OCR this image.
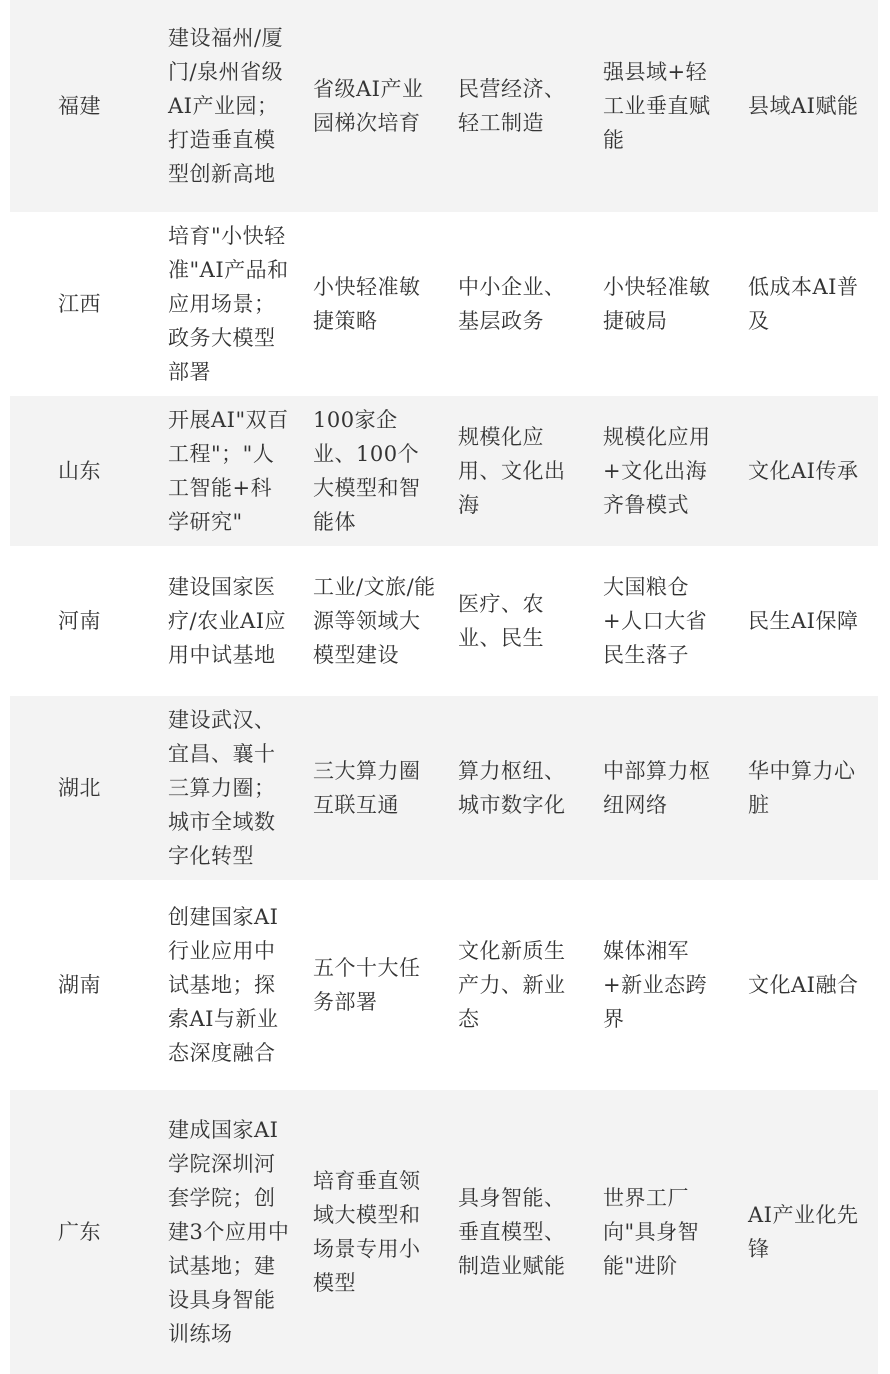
福建	建设福州/厦门/泉州省级AI产业园；打造垂直模型创新高地	省级AI产业园梯次培育	民营经济、轻工制造	强县域+轻工业垂直赋能	县域AI赋能
江西	培育"小快轻准"AI产品和应用场景；政务大模型部署	小快轻准敏捷策略	中小企业、基层政务	小快轻准敏捷破局	低成本AI普及
山东	开展AI"双百工程"；"人工智能+科学研究"	100家企业、100个大模型和智能体	规模化应用、文化出海	规模化应用+文化出海齐鲁模式	文化AI传承
河南	建设国家医疗/农业AI应用中试基地	工业/文旅/能源等领域大模型建设	医疗、农业、民生	大国粮仓+人口大省民生落子	民生AI保障
湖北	建设武汉、宜昌、襄十三算力圈；城市全域数字化转型	三大算力圈互联互通	算力枢纽、城市数字化	中部算力枢纽网络	华中算力心脏
湖南	创建国家AI行业应用中试基地；探索AI与新业态深度融合	五个十大任务部署	文化新质生产力、新业态	媒体湘军+新业态跨界	文化AI融合
广东	建成国家AI学院深圳河套学院；创建3个应用中试基地；建设具身智能训练场	培育垂直领域大模型和场景专用小模型	具身智能、垂直模型、制造业赋能	世界工厂向"具身智能"进阶	AI产业化先锋
